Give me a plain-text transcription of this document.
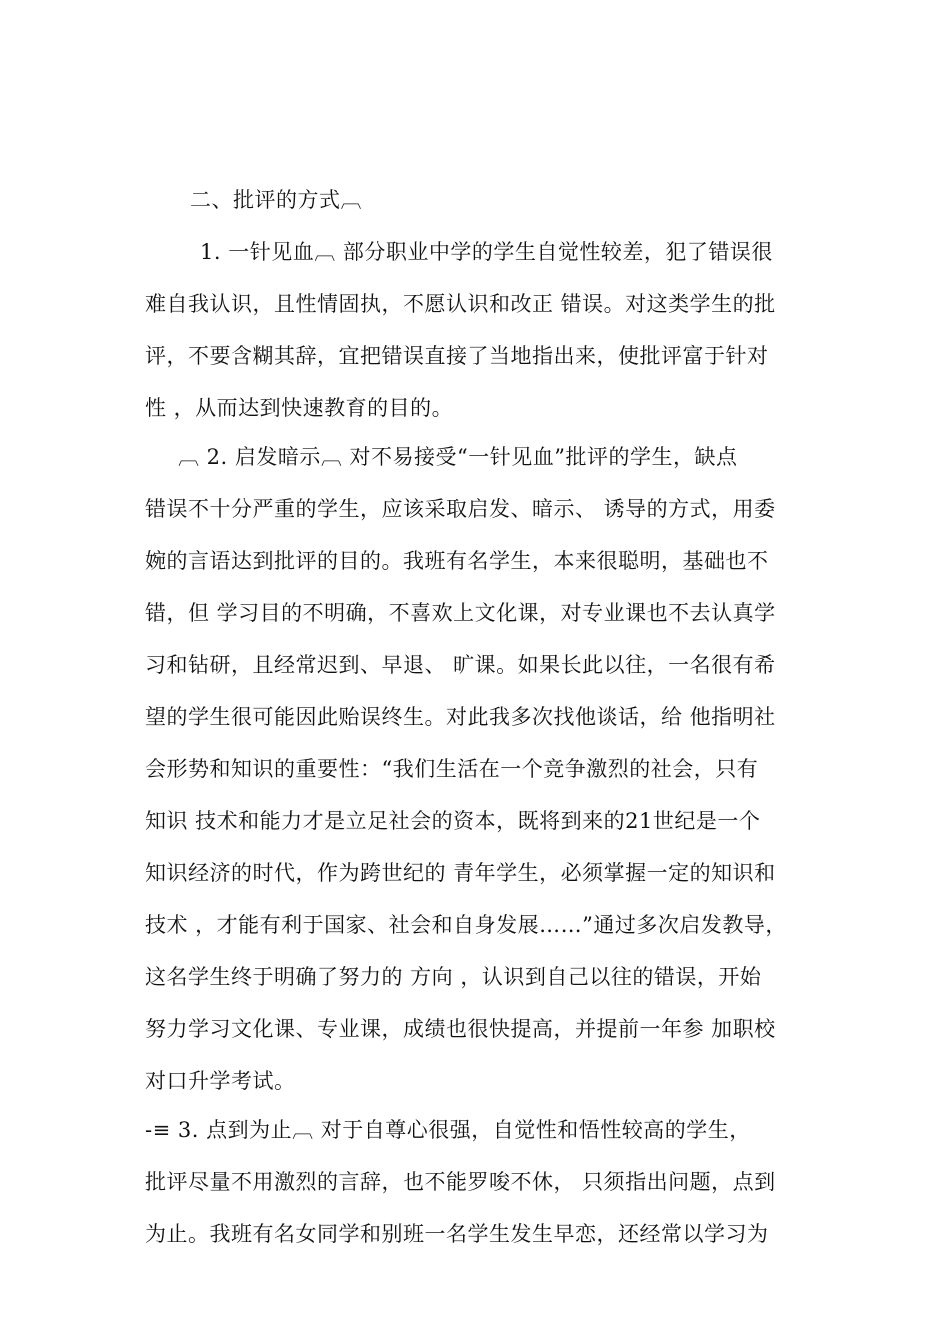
二、批评的方式︹
1. 一针见血︹ 部分职业中学的学生自觉性较差，犯了错误很
难自我认识，且性情固执，不愿认识和改正 错误。对这类学生的批
评，不要含糊其辞，宜把错误直接了当地指出来，使批评富于针对
性 ，从而达到快速教育的目的。
︹ 2. 启发暗示︹ 对不易接受“一针见血”批评的学生，缺点
错误不十分严重的学生，应该采取启发、暗示、 诱导的方式，用委
婉的言语达到批评的目的。我班有名学生，本来很聪明，基础也不
错，但 学习目的不明确，不喜欢上文化课，对专业课也不去认真学
习和钻研，且经常迟到、早退、 旷课。如果长此以往，一名很有希
望的学生很可能因此贻误终生。对此我多次找他谈话，给 他指明社
会形势和知识的重要性：“我们生活在一个竞争激烈的社会，只有
知识 技术和能力才是立足社会的资本，既将到来的21世纪是一个
知识经济的时代，作为跨世纪的 青年学生，必须掌握一定的知识和
技术 ，才能有利于国家、社会和自身发展……”通过多次启发教导，
这名学生终于明确了努力的 方向 ，认识到自己以往的错误，开始
努力学习文化课、专业课，成绩也很快提高，并提前一年参 加职校
对口升学考试。
-≡ 3. 点到为止︹ 对于自尊心很强，自觉性和悟性较高的学生，
批评尽量不用激烈的言辞，也不能罗唆不休， 只须指出问题，点到
为止。我班有名女同学和别班一名学生发生早恋，还经常以学习为
